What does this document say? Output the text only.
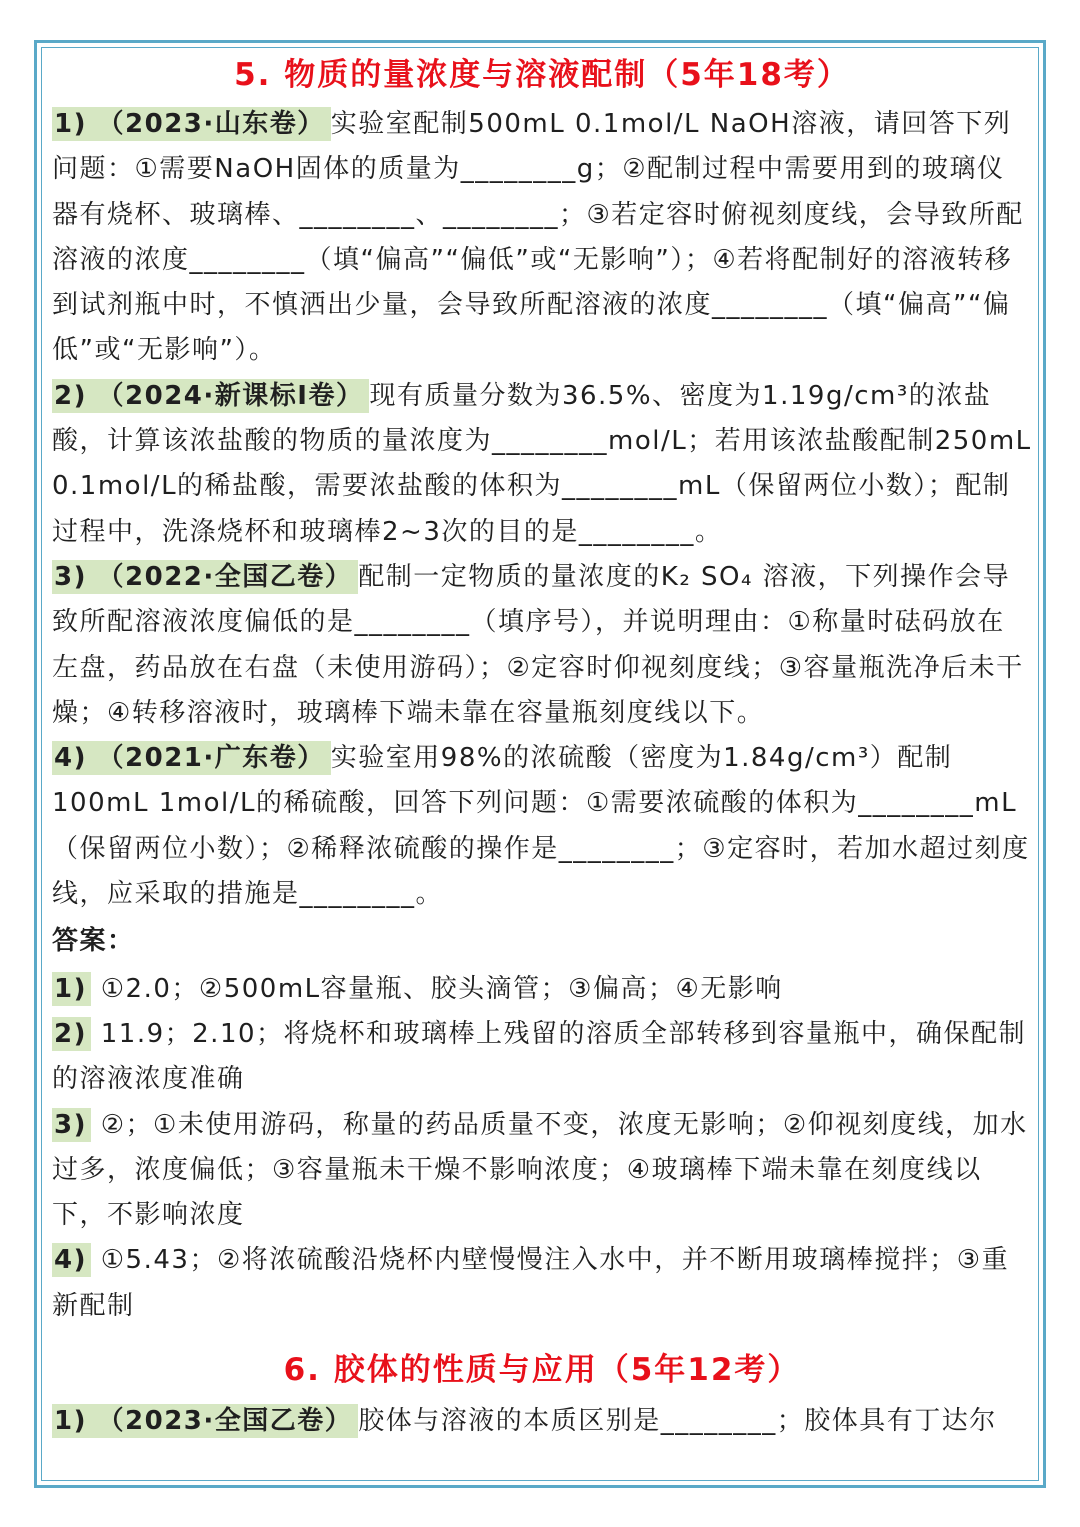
5. 物质的量浓度与溶液配制（5年18考）

1) （2023·山东卷） 实验室配制500mL 0.1mol/L NaOH溶液，请回答下列问题：①需要NaOH固体的质量为________g；②配制过程中需要用到的玻璃仪器有烧杯、玻璃棒、________、________；③若定容时俯视刻度线，会导致所配溶液的浓度________（填“偏高”“偏低”或“无影响”）；④若将配制好的溶液转移到试剂瓶中时，不慎洒出少量，会导致所配溶液的浓度________（填“偏高”“偏低”或“无影响”）。

2) （2024·新课标Ⅰ卷） 现有质量分数为36.5%、密度为1.19g/cm³的浓盐酸，计算该浓盐酸的物质的量浓度为________mol/L；若用该浓盐酸配制250mL 0.1mol/L的稀盐酸，需要浓盐酸的体积为________mL（保留两位小数）；配制过程中，洗涤烧杯和玻璃棒2~3次的目的是________。

3) （2022·全国乙卷） 配制一定物质的量浓度的K₂ SO₄ 溶液，下列操作会导致所配溶液浓度偏低的是________（填序号），并说明理由：①称量时砝码放在左盘，药品放在右盘（未使用游码）；②定容时仰视刻度线；③容量瓶洗净后未干燥；④转移溶液时，玻璃棒下端未靠在容量瓶刻度线以下。

4) （2021·广东卷） 实验室用98%的浓硫酸（密度为1.84g/cm³）配制100mL 1mol/L的稀硫酸，回答下列问题：①需要浓硫酸的体积为________mL（保留两位小数）；②稀释浓硫酸的操作是________；③定容时，若加水超过刻度线，应采取的措施是________。

答案：

1) ①2.0；②500mL容量瓶、胶头滴管；③偏高；④无影响

2) 11.9；2.10；将烧杯和玻璃棒上残留的溶质全部转移到容量瓶中，确保配制的溶液浓度准确

3) ②；①未使用游码，称量的药品质量不变，浓度无影响；②仰视刻度线，加水过多，浓度偏低；③容量瓶未干燥不影响浓度；④玻璃棒下端未靠在刻度线以下，不影响浓度

4) ①5.43；②将浓硫酸沿烧杯内壁慢慢注入水中，并不断用玻璃棒搅拌；③重新配制

6. 胶体的性质与应用（5年12考）

1) （2023·全国乙卷） 胶体与溶液的本质区别是________；胶体具有丁达尔
